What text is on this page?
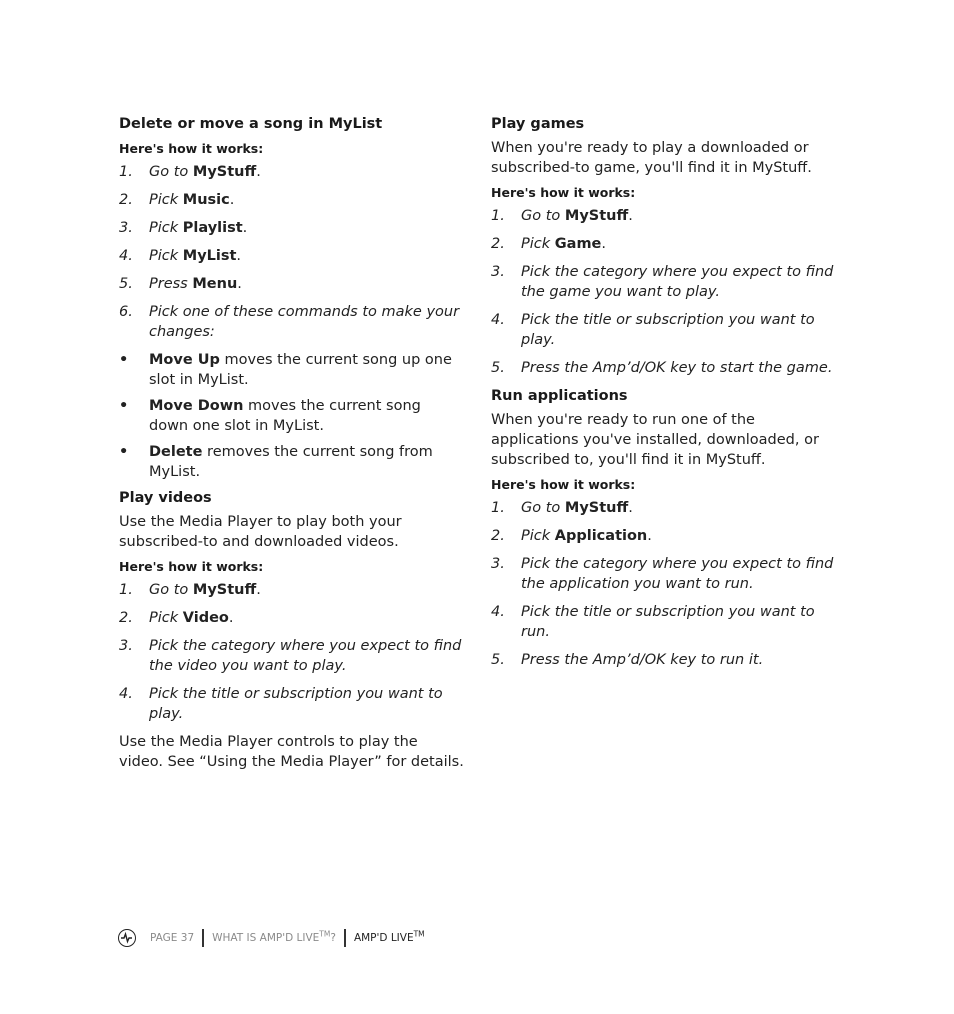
Delete or move a song in MyList
Here's how it works:
1.	Go to MyStuff.
2.	Pick Music.
3.	Pick Playlist.
4.	Pick MyList.
5.	Press Menu.
6.	Pick one of these commands to make your changes:
•	Move Up moves the current song up one slot in MyList.
•	Move Down moves the current song down one slot in MyList.
•	Delete removes the current song from MyList.
Play videos
Use the Media Player to play both your subscribed-to and downloaded videos.
Here's how it works:
1.	Go to MyStuff.
2.	Pick Video.
3.	Pick the category where you expect to find the video you want to play.
4.	Pick the title or subscription you want to play.
Use the Media Player controls to play the video. See “Using the Media Player” for details.
Play games
When you're ready to play a downloaded or subscribed-to game, you'll find it in MyStuff.
Here's how it works:
1.	Go to MyStuff.
2.	Pick Game.
3.	Pick the category where you expect to find the game you want to play.
4.	Pick the title or subscription you want to play.
5.	Press the Amp’d/OK key to start the game.
Run applications
When you're ready to run one of the applications you've installed, downloaded, or subscribed to, you'll find it in MyStuff.
Here's how it works:
1.	Go to MyStuff.
2.	Pick Application.
3.	Pick the category where you expect to find the application you want to run.
4.	Pick the title or subscription you want to run.
5.	Press the Amp’d/OK key to run it.
PAGE 37 WHAT IS AMP'D LIVE™? AMP'D LIVE™
